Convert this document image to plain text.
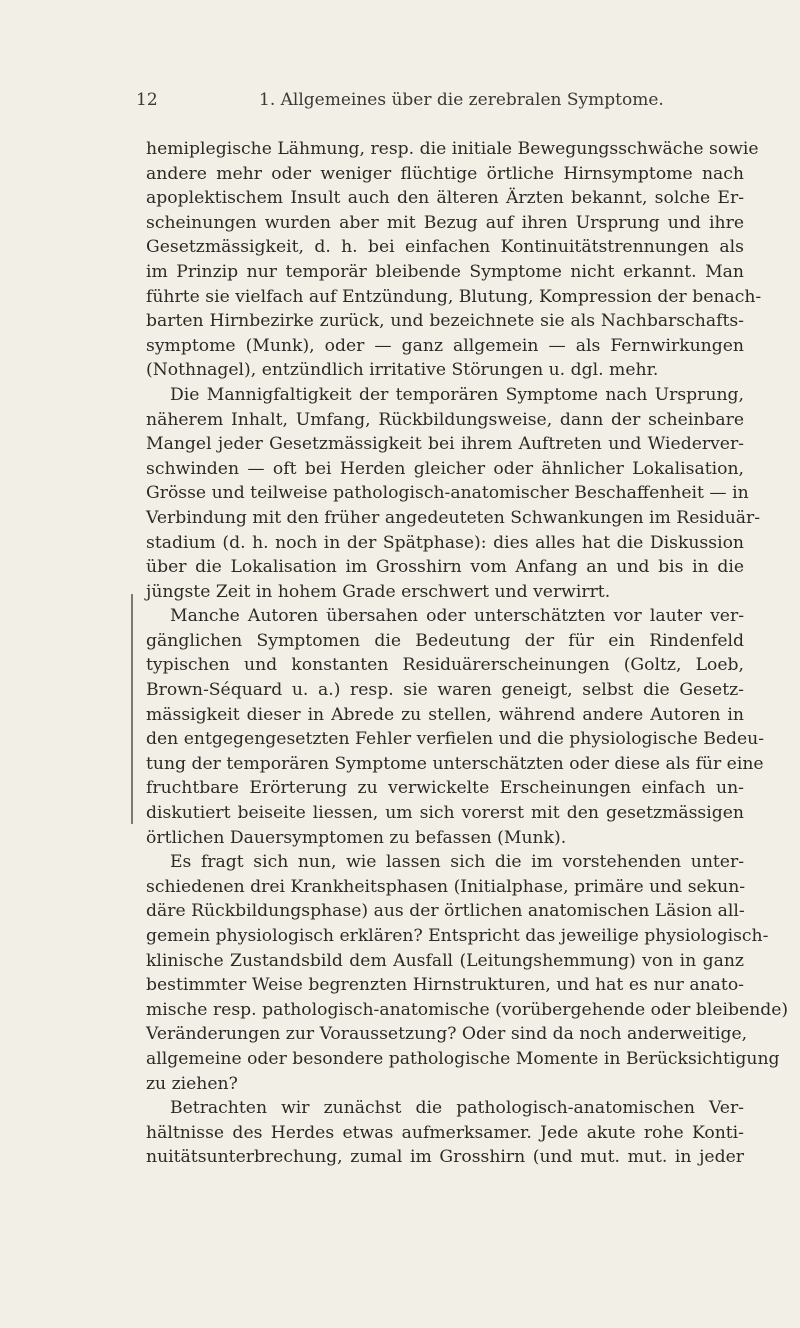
12	1. Allgemeines über die zerebralen Symptome.

hemiplegische Lähmung, resp. die initiale Bewegungsschwäche sowie

andere mehr oder weniger flüchtige örtliche Hirnsymptome nach

apoplektischem Insult auch den älteren Ärzten bekannt, solche Er-

scheinungen wurden aber mit Bezug auf ihren Ursprung und ihre

Gesetzmässigkeit, d. h. bei einfachen Kontinuitätstrennungen als

im Prinzip nur temporär bleibende Symptome nicht erkannt. Man

führte sie vielfach auf Entzündung, Blutung, Kompression der benach-

barten Hirnbezirke zurück, und bezeichnete sie als Nachbarschafts-

symptome (Munk), oder — ganz allgemein — als Fernwirkungen

(Nothnagel), entzündlich irritative Störungen u. dgl. mehr.

Die Mannigfaltigkeit der temporären Symptome nach Ursprung,

näherem Inhalt, Umfang, Rückbildungsweise, dann der scheinbare

Mangel jeder Gesetzmässigkeit bei ihrem Auftreten und Wiederver-

schwinden — oft bei Herden gleicher oder ähnlicher Lokalisation,

Grösse und teilweise pathologisch-anatomischer Beschaffenheit — in

Verbindung mit den früher angedeuteten Schwankungen im Residuär-

stadium (d. h. noch in der Spätphase): dies alles hat die Diskussion

über die Lokalisation im Grosshirn vom Anfang an und bis in die

jüngste Zeit in hohem Grade erschwert und verwirrt.

Manche Autoren übersahen oder unterschätzten vor lauter ver-

gänglichen Symptomen die Bedeutung der für ein Rindenfeld

typischen und konstanten Residuärerscheinungen (Goltz, Loeb,

Brown-Séquard u. a.) resp. sie waren geneigt, selbst die Gesetz-

mässigkeit dieser in Abrede zu stellen, während andere Autoren in

den entgegengesetzten Fehler verfielen und die physiologische Bedeu-

tung der temporären Symptome unterschätzten oder diese als für eine

fruchtbare Erörterung zu verwickelte Erscheinungen einfach un-

diskutiert beiseite liessen, um sich vorerst mit den gesetzmässigen

örtlichen Dauersymptomen zu befassen (Munk).

Es fragt sich nun, wie lassen sich die im vorstehenden unter-

schiedenen drei Krankheitsphasen (Initialphase, primäre und sekun-

däre Rückbildungsphase) aus der örtlichen anatomischen Läsion all-

gemein physiologisch erklären? Entspricht das jeweilige physiologisch-

klinische Zustandsbild dem Ausfall (Leitungshemmung) von in ganz

bestimmter Weise begrenzten Hirnstrukturen, und hat es nur anato-

mische resp. pathologisch-anatomische (vorübergehende oder bleibende)

Veränderungen zur Voraussetzung? Oder sind da noch anderweitige,

allgemeine oder besondere pathologische Momente in Berücksichtigung

zu ziehen?

Betrachten wir zunächst die pathologisch-anatomischen Ver-

hältnisse des Herdes etwas aufmerksamer. Jede akute rohe Konti-

nuitätsunterbrechung, zumal im Grosshirn (und mut. mut. in jeder
